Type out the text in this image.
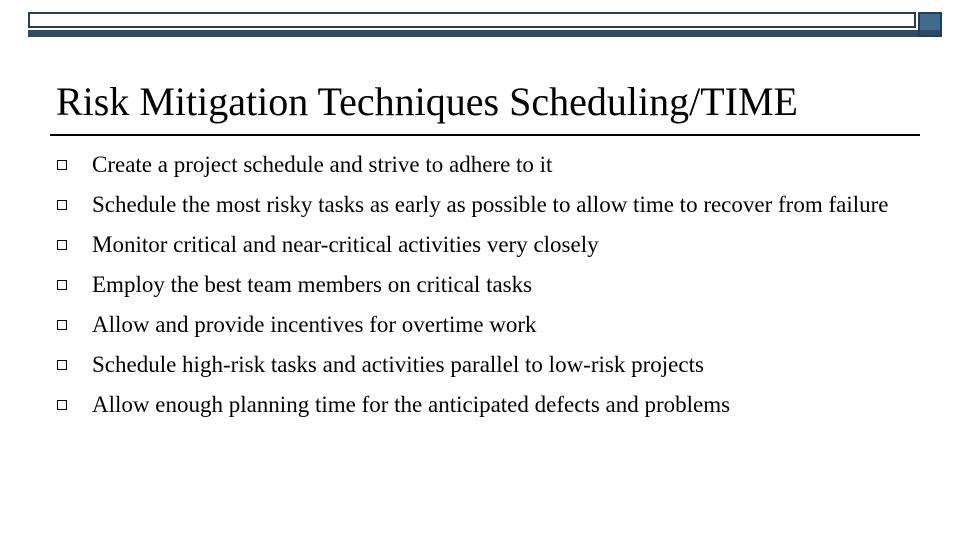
Risk Mitigation Techniques Scheduling/TIME
Create a project schedule and strive to adhere to it
Schedule the most risky tasks as early as possible to allow time to recover from failure
Monitor critical and near-critical activities very closely
Employ the best team members on critical tasks
Allow and provide incentives for overtime work
Schedule high-risk tasks and activities parallel to low-risk projects
Allow enough planning time for the anticipated defects and problems
